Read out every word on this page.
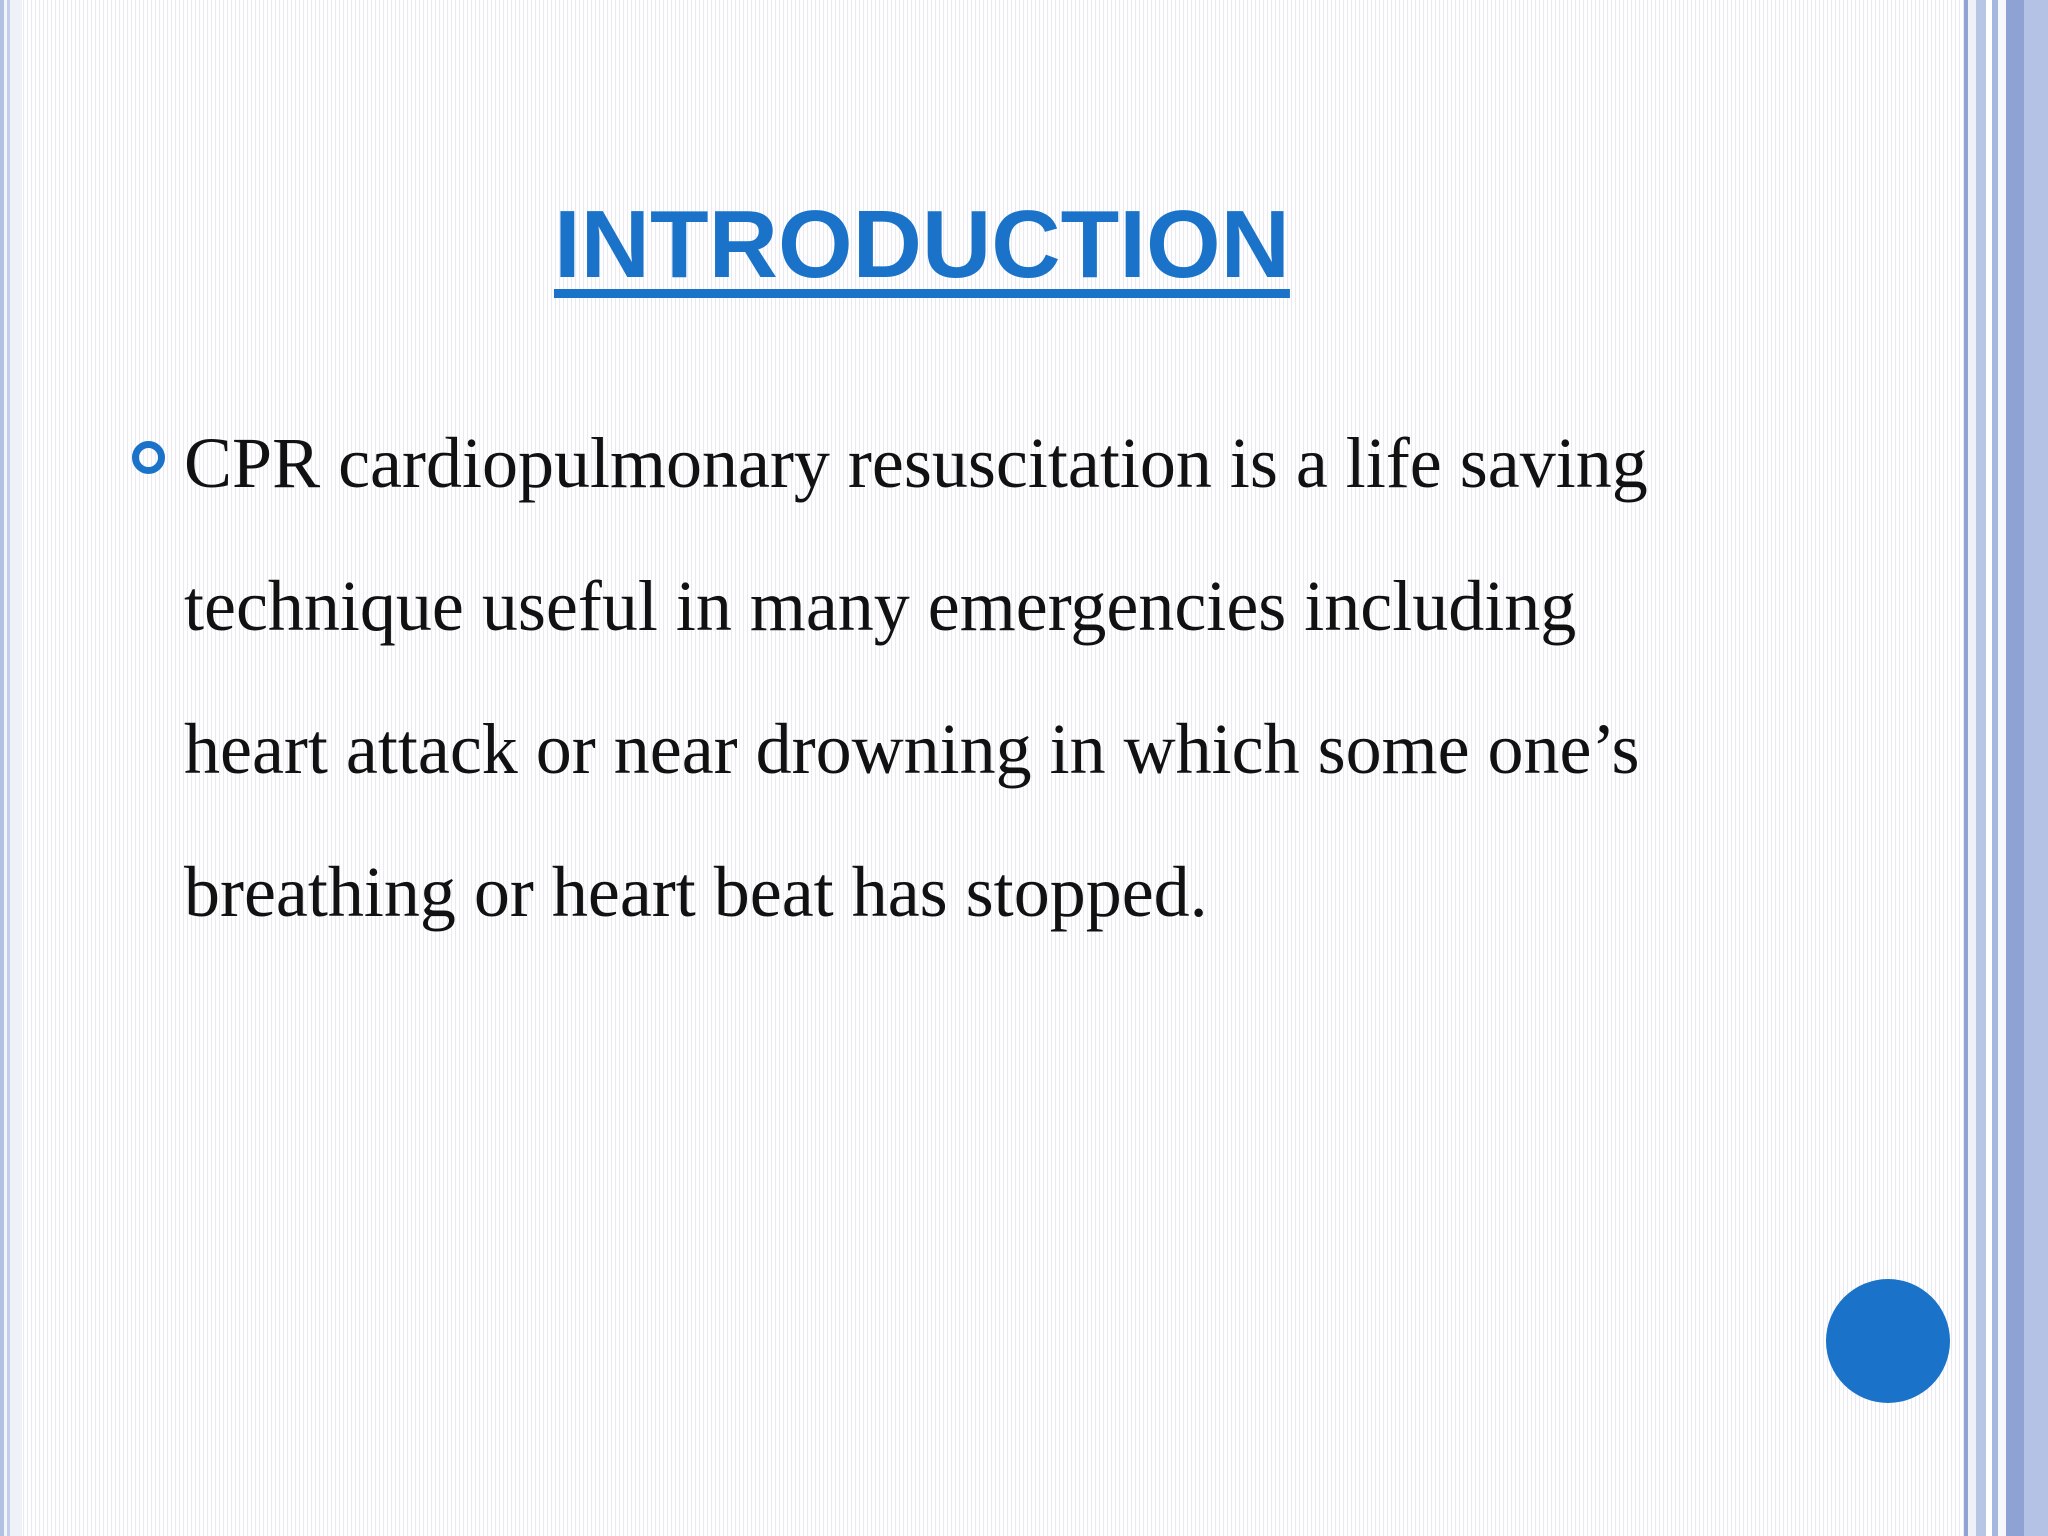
INTRODUCTION

CPR cardiopulmonary resuscitation is a life saving
technique useful in many emergencies including
heart attack or near drowning in which some one’s
breathing or heart beat has stopped.
